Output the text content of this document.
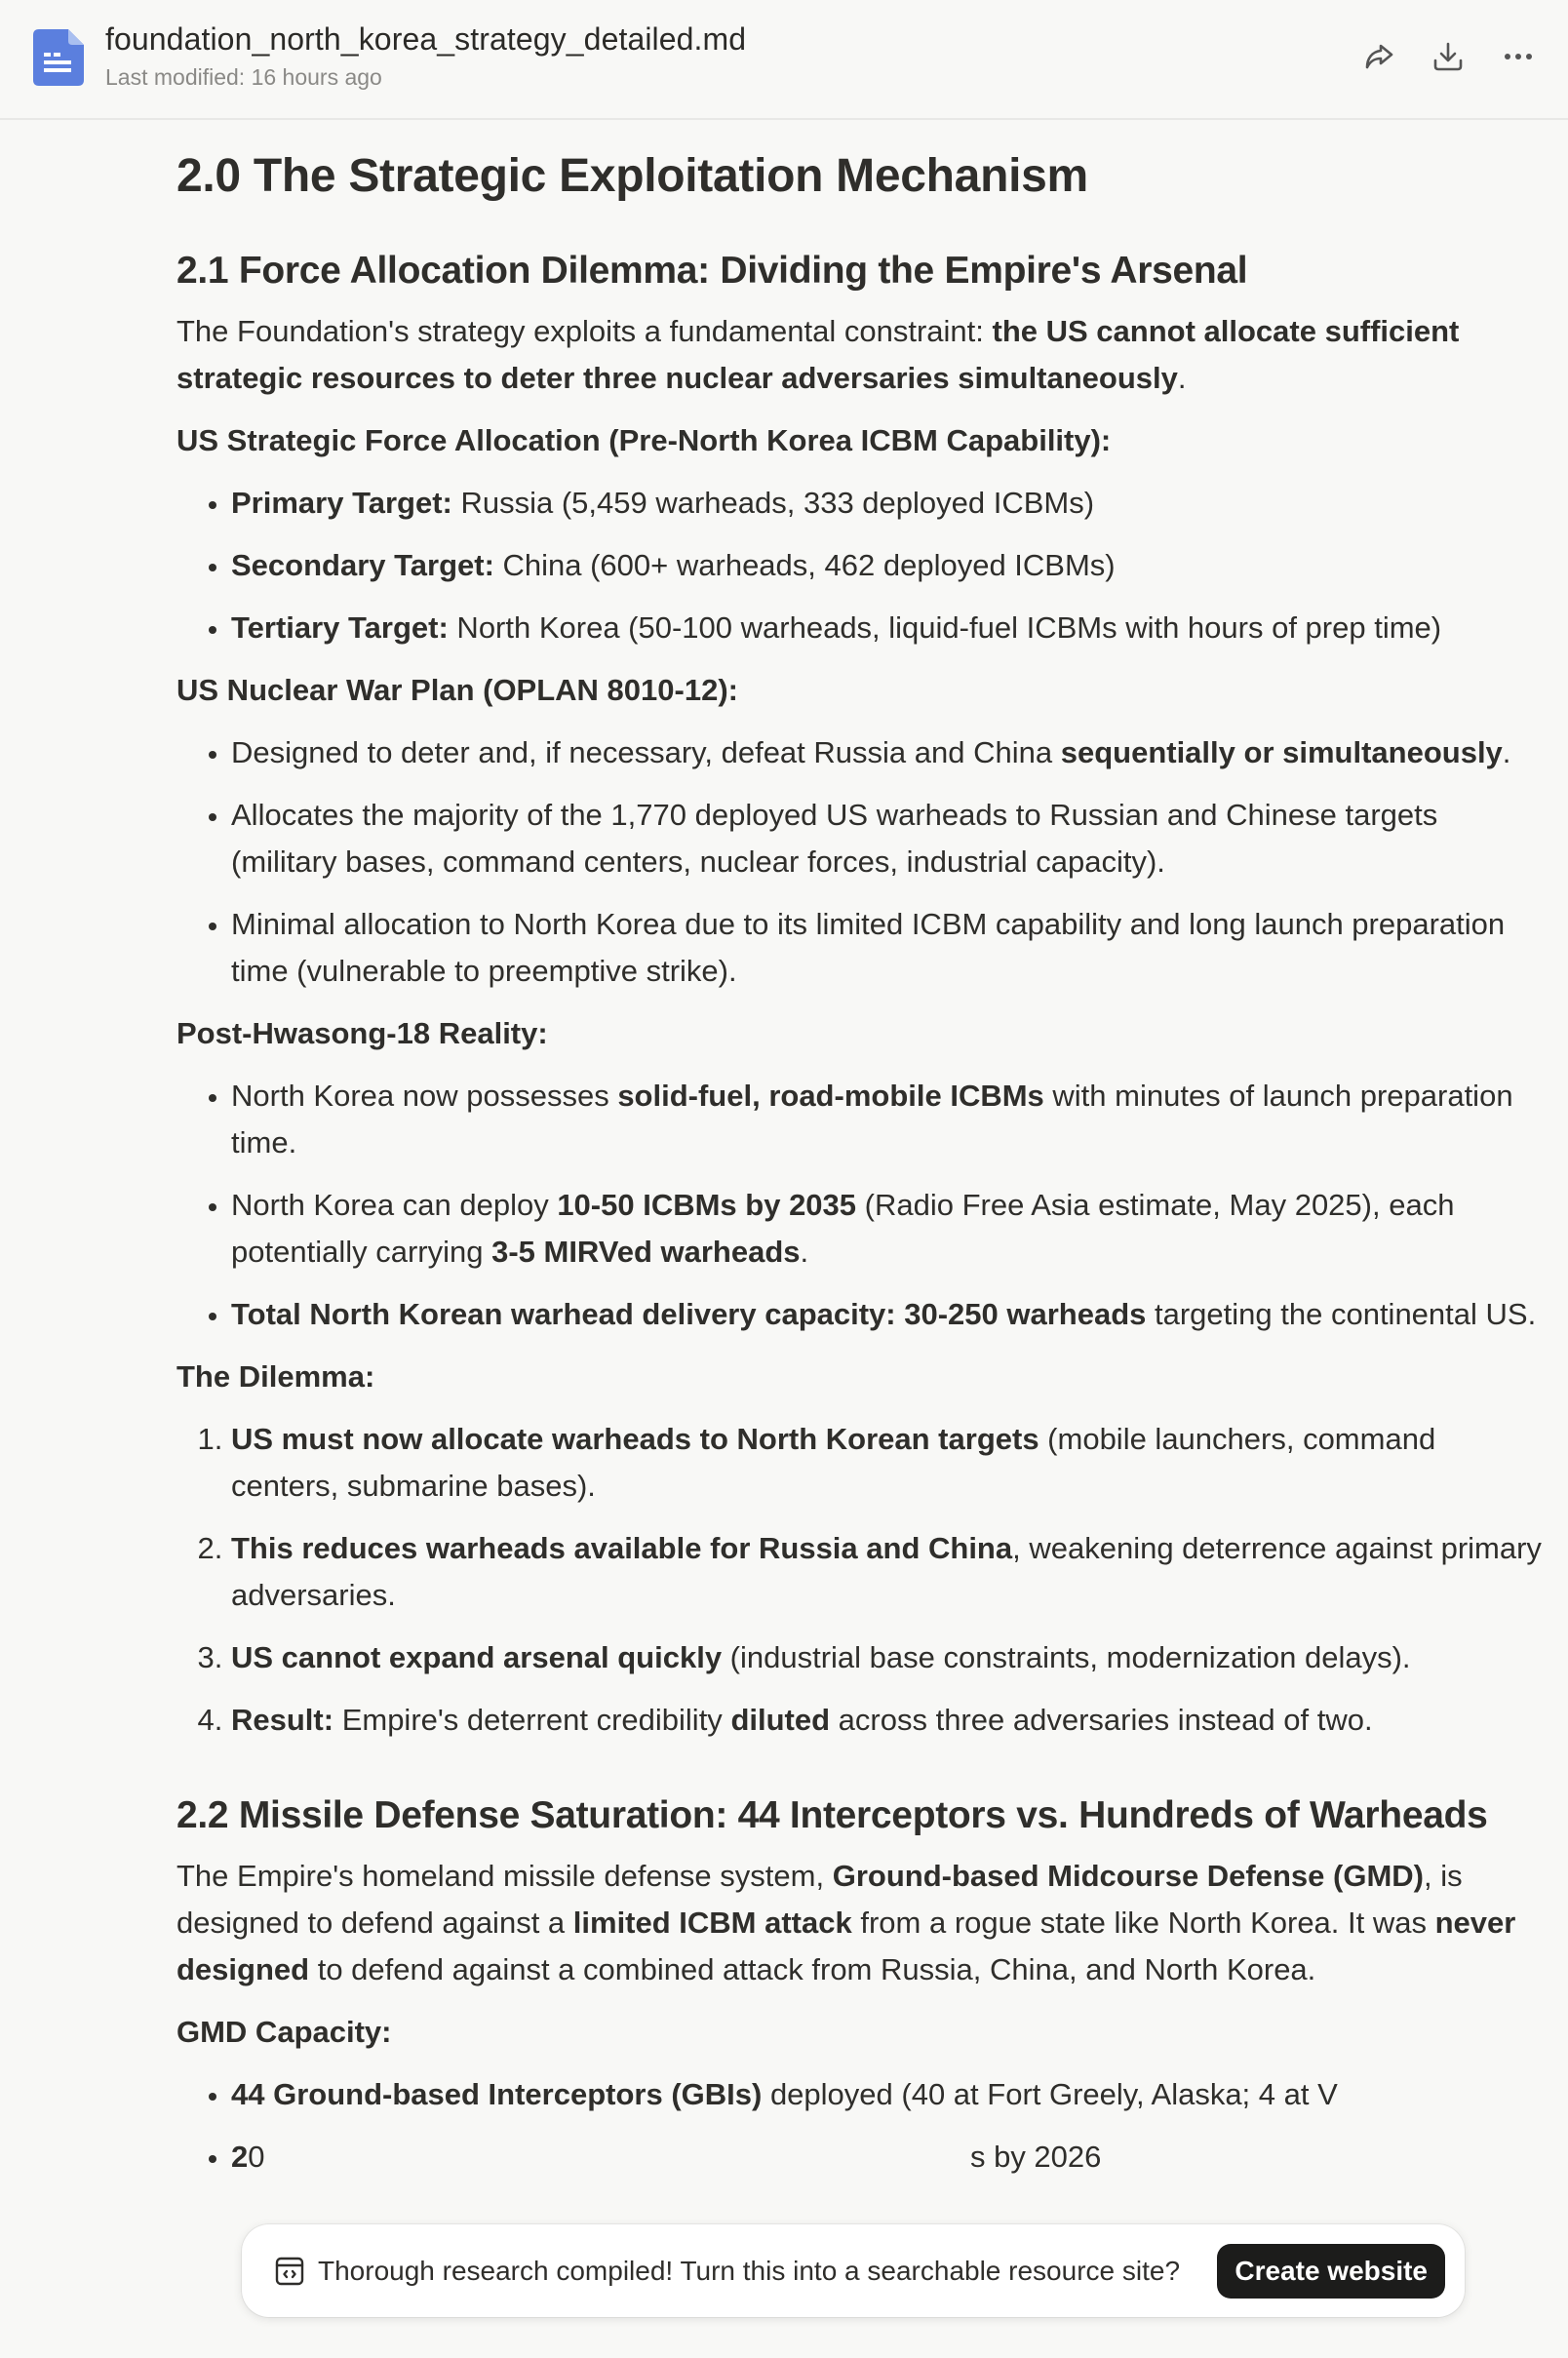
foundation_north_korea_strategy_detailed.md
Last modified: 16 hours ago
2.0 The Strategic Exploitation Mechanism
2.1 Force Allocation Dilemma: Dividing the Empire's Arsenal

The Foundation's strategy exploits a fundamental constraint: the US cannot allocate sufficient strategic resources to deter three nuclear adversaries simultaneously.

US Strategic Force Allocation (Pre-North Korea ICBM Capability):

• Primary Target: Russia (5,459 warheads, 333 deployed ICBMs)
• Secondary Target: China (600+ warheads, 462 deployed ICBMs)
• Tertiary Target: North Korea (50-100 warheads, liquid-fuel ICBMs with hours of prep time)

US Nuclear War Plan (OPLAN 8010-12):

• Designed to deter and, if necessary, defeat Russia and China sequentially or simultaneously.
• Allocates the majority of the 1,770 deployed US warheads to Russian and Chinese targets (military bases, command centers, nuclear forces, industrial capacity).
• Minimal allocation to North Korea due to its limited ICBM capability and long launch preparation time (vulnerable to preemptive strike).

Post-Hwasong-18 Reality:

• North Korea now possesses solid-fuel, road-mobile ICBMs with minutes of launch preparation time.
• North Korea can deploy 10-50 ICBMs by 2035 (Radio Free Asia estimate, May 2025), each potentially carrying 3-5 MIRVed warheads.
• Total North Korean warhead delivery capacity: 30-250 warheads targeting the continental US.

The Dilemma:

1. US must now allocate warheads to North Korean targets (mobile launchers, command centers, submarine bases).
2. This reduces warheads available for Russia and China, weakening deterrence against primary adversaries.
3. US cannot expand arsenal quickly (industrial base constraints, modernization delays).
4. Result: Empire's deterrent credibility diluted across three adversaries instead of two.
2.2 Missile Defense Saturation: 44 Interceptors vs. Hundreds of Warheads

The Empire's homeland missile defense system, Ground-based Midcourse Defense (GMD), is designed to defend against a limited ICBM attack from a rogue state like North Korea. It was never designed to defend against a combined attack from Russia, China, and North Korea.

GMD Capacity:

• 44 Ground-based Interceptors (GBIs) deployed (40 at Fort Greely, Alaska; 4 at V
• 20                                                                                    s by 2026
Thorough research compiled! Turn this into a searchable resource site?	Create website
